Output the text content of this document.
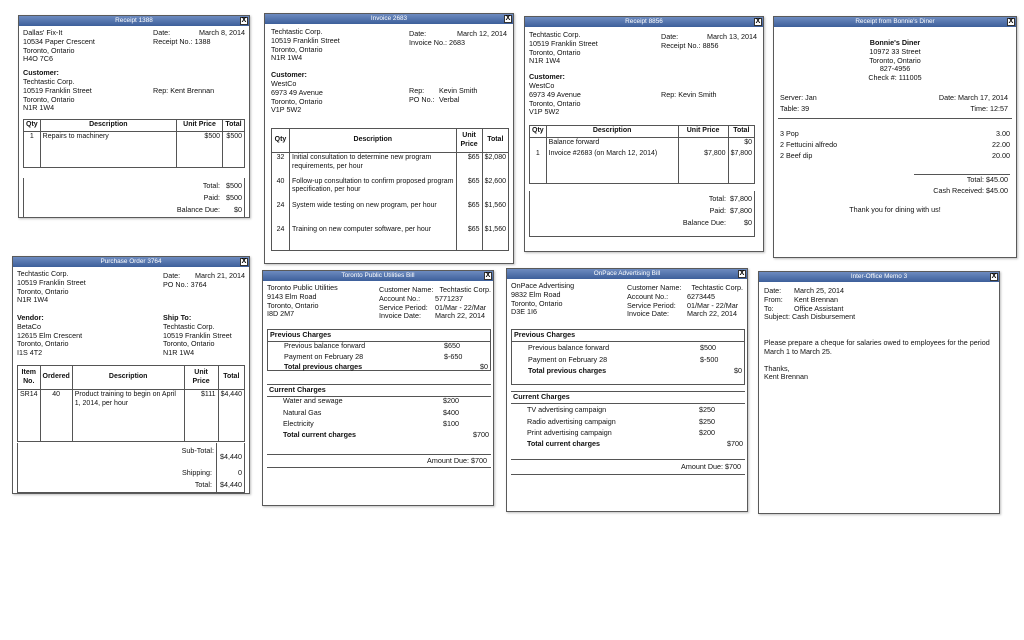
Receipt 1388	X
Dallas' Fix-It
10534 Paper Crescent
Toronto, Ontario
H4O 7C6
Date:	March 8, 2014
Receipt No.: 1388
Customer:
Techtastic Corp.
10519 Franklin Street
Toronto, Ontario
N1R 1W4
Rep: Kent Brennan
Qty	Description	Unit Price	Total
1	Repairs to machinery	$500	$500
Total: $500
Paid: $500
Balance Due: $0
Invoice 2683	X
Techtastic Corp.
10519 Franklin Street
Toronto, Ontario
N1R 1W4
Date:	March 12, 2014
Invoice No.: 2683
Customer:
WestCo
6973 49 Avenue
Toronto, Ontario
V1P 5W2
Rep: Kevin Smith
PO No.: Verbal
Qty	Description	Unit Price	Total
32	Initial consultation to determine new program requirements, per hour	$65	$2,080
40	Follow-up consultation to confirm proposed program specification, per hour	$65	$2,600
24	System wide testing on new program, per hour	$65	$1,560
24	Training on new computer software, per hour	$65	$1,560
Receipt 8856	X
Techtastic Corp.
10519 Franklin Street
Toronto, Ontario
N1R 1W4
Date:	March 13, 2014
Receipt No.: 8856
Customer:
WestCo
6973 49 Avenue
Toronto, Ontario
V1P 5W2
Rep: Kevin Smith
Qty	Description	Unit Price	Total
	Balance forward		$0
1	Invoice #2683 (on March 12, 2014)	$7,800	$7,800
Total: $7,800
Paid: $7,800
Balance Due:	$0
Receipt from Bonnie's Diner	X
Bonnie's Diner
10972 33 Street
Toronto, Ontario
827-4956
Check #: 111005
Server: Jan
Table: 39
Date: March 17, 2014
Time: 12:57
3 Pop	3.00
2 Fettucini alfredo	22.00
2 Beef dip	20.00
Total: $45.00
Cash Received: $45.00
Thank you for dining with us!
Purchase Order 3764	X
Techtastic Corp.
10519 Franklin Street
Toronto, Ontario
N1R 1W4
Date: March 21, 2014
PO No.: 3764
Vendor:
BetaCo
12615 Elm Crescent
Toronto, Ontario
I1S 4T2
Ship To:
Techtastic Corp.
10519 Franklin Street
Toronto, Ontario
N1R 1W4
Item No.	Ordered	Description	Unit Price	Total
SR14	40	Product training to begin on April 1, 2014, per hour	$111	$4,440
Sub-Total:
$4,440
Shipping:	0
Total: $4,440
Toronto Public Utilities Bill	X
Toronto Public Utilities
9143 Elm Road
Toronto, Ontario
I8D 2M7
Customer Name: Techtastic Corp.
Account No.: 5771237
Service Period: 01/Mar - 22/Mar
Invoice Date: March 22, 2014
Previous Charges
Previous balance forward	$650
Payment on February 28	$-650
Total previous charges	$0
Current Charges
Water and sewage	$200
Natural Gas	$400
Electricity	$100
Total current charges	$700
Amount Due: $700
OnPace Advertising Bill	X
OnPace Advertising
9832 Elm Road
Toronto, Ontario
D3E 1I6
Customer Name: Techtastic Corp.
Account No.:	6273445
Service Period: 01/Mar - 22/Mar
Invoice Date:	March 22, 2014
Previous Charges
Previous balance forward	$500
Payment on February 28	$-500
Total previous charges	$0
Current Charges
TV advertising campaign	$250
Radio advertising campaign	$250
Print advertising campaign	$200
Total current charges	$700
Amount Due: $700
Inter-Office Memo 3	X
Date: March 25, 2014
From: Kent Brennan
To:	Office Assistant
Subject: Cash Disbursement
Please prepare a cheque for salaries owed to employees for the period March 1 to March 25.
Thanks,
Kent Brennan
